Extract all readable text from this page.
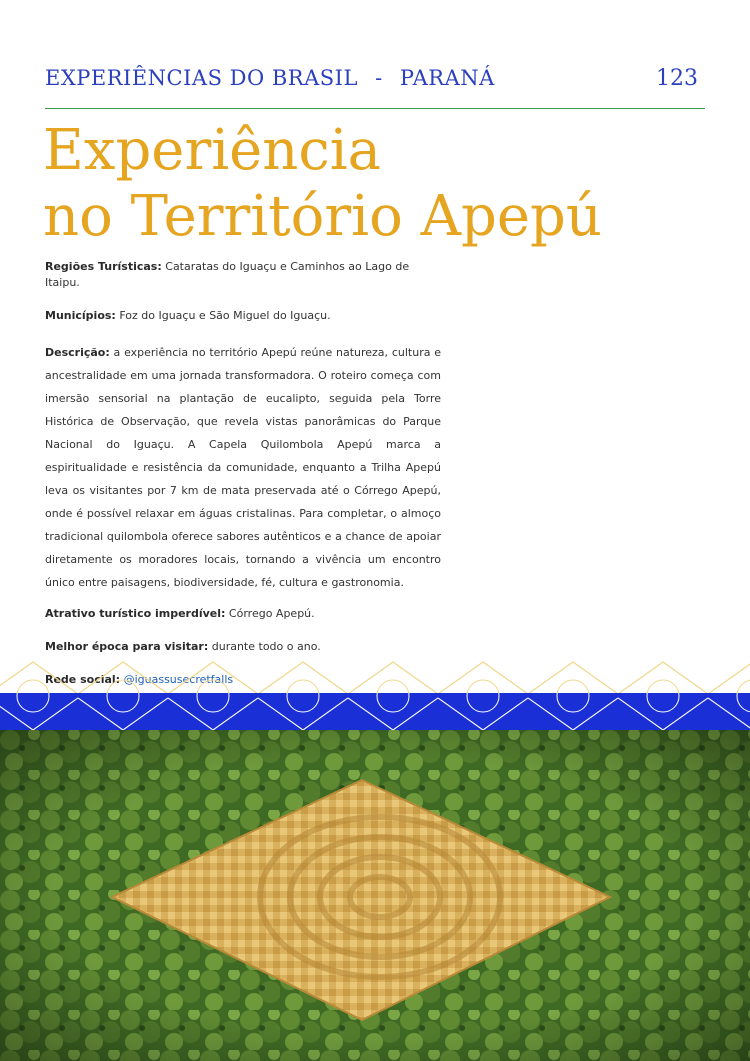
EXPERIÊNCIAS DO BRASIL - PARANÁ	123
Experiência
no Território Apepú

Regiões Turísticas: Cataratas do Iguaçu e Caminhos ao Lago de Itaipu.

Municípios: Foz do Iguaçu e São Miguel do Iguaçu.

Descrição: a experiência no território Apepú reúne natureza, cultura e ancestralidade em uma jornada transformadora. O roteiro começa com imersão sensorial na plantação de eucalipto, seguida pela Torre Histórica de Observação, que revela vistas panorâmicas do Parque Nacional do Iguaçu. A Capela Quilombola Apepú marca a espiritualidade e resistência da comunidade, enquanto a Trilha Apepú leva os visitantes por 7 km de mata preservada até o Córrego Apepú, onde é possível relaxar em águas cristalinas. Para completar, o almoço tradicional quilombola oferece sabores autênticos e a chance de apoiar diretamente os moradores locais, tornando a vivência um encontro único entre paisagens, biodiversidade, fé, cultura e gastronomia.

Atrativo turístico imperdível: Córrego Apepú.

Melhor época para visitar: durante todo o ano.
